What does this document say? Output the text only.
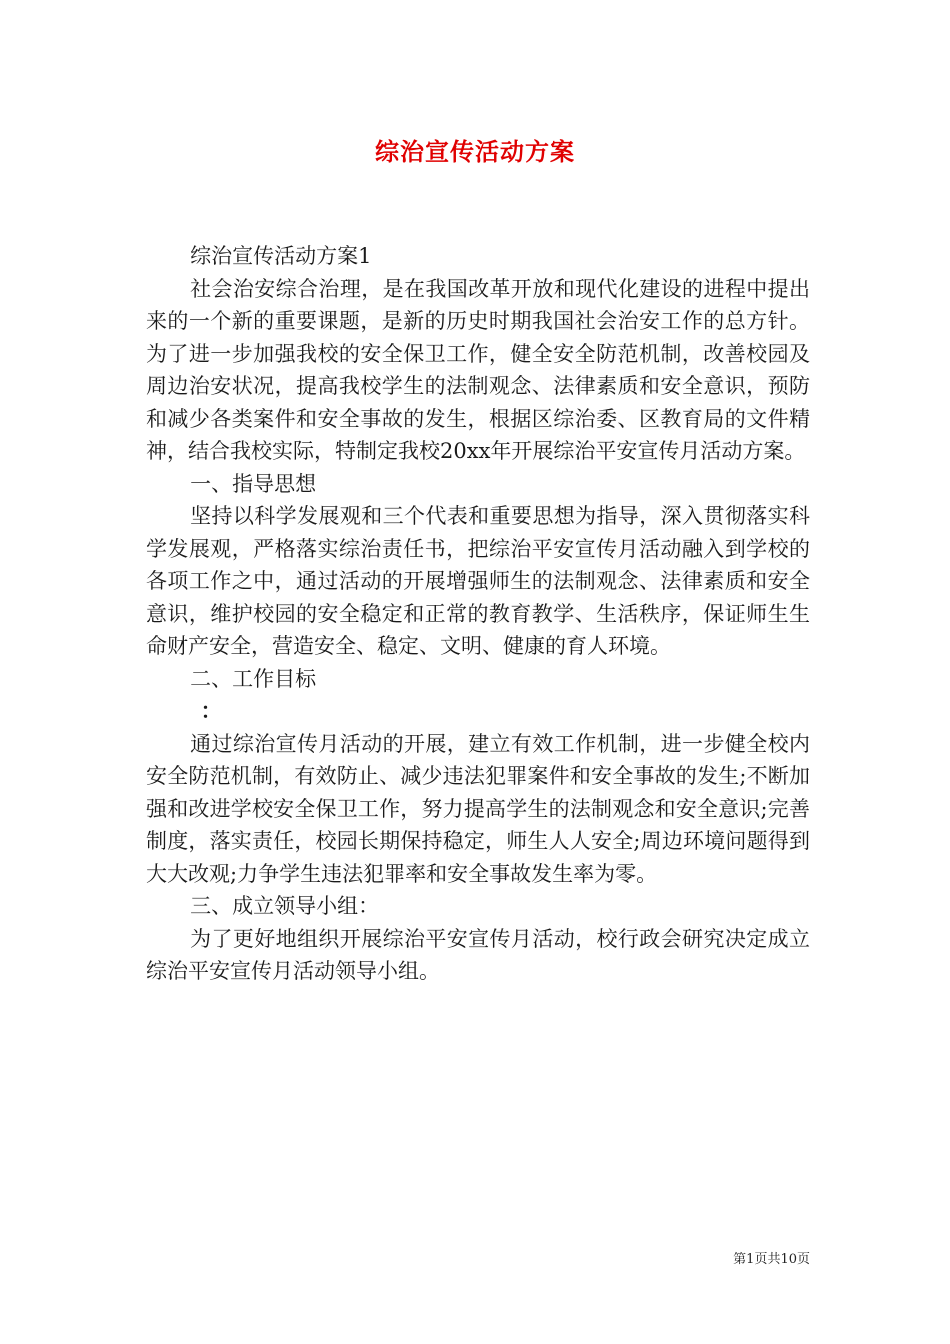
综治宣传活动方案

综治宣传活动方案1

社会治安综合治理，是在我国改革开放和现代化建设的进程中提出来的一个新的重要课题，是新的历史时期我国社会治安工作的总方针。为了进一步加强我校的安全保卫工作，健全安全防范机制，改善校园及周边治安状况，提高我校学生的法制观念、法律素质和安全意识，预防和减少各类案件和安全事故的发生，根据区综治委、区教育局的文件精神，结合我校实际，特制定我校20xx年开展综治平安宣传月活动方案。

一、指导思想

坚持以科学发展观和三个代表和重要思想为指导，深入贯彻落实科学发展观，严格落实综治责任书，把综治平安宣传月活动融入到学校的各项工作之中，通过活动的开展增强师生的法制观念、法律素质和安全意识，维护校园的安全稳定和正常的教育教学、生活秩序，保证师生生命财产安全，营造安全、稳定、文明、健康的育人环境。

二、工作目标

：

通过综治宣传月活动的开展，建立有效工作机制，进一步健全校内安全防范机制，有效防止、减少违法犯罪案件和安全事故的发生;不断加强和改进学校安全保卫工作，努力提高学生的法制观念和安全意识;完善制度，落实责任，校园长期保持稳定，师生人人安全;周边环境问题得到大大改观;力争学生违法犯罪率和安全事故发生率为零。

三、成立领导小组：

为了更好地组织开展综治平安宣传月活动，校行政会研究决定成立综治平安宣传月活动领导小组。

第1页共10页
